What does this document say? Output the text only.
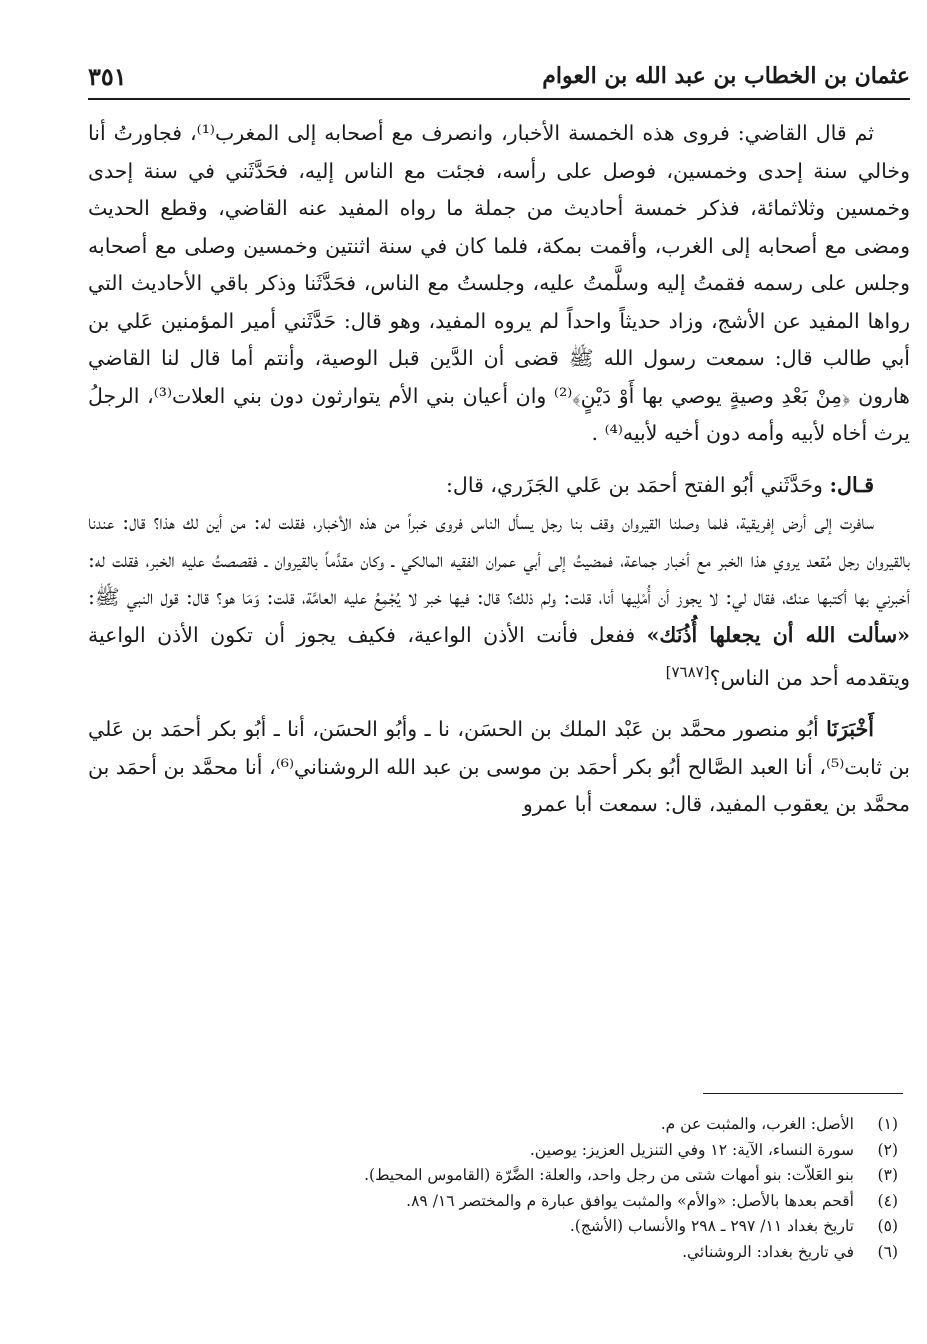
عثمان بن الخطاب بن عبد الله بن العوام
٣٥١

ثم قال القاضي: فروى هذه الخمسة الأخبار، وانصرف مع أصحابه إلى المغرب⁽¹⁾، فجاورتُ أنا وخالي سنة إحدى وخمسين، فوصل على رأسه، فجئت مع الناس إليه، فحَدَّثَني في سنة إحدى وخمسين وثلاثمائة، فذكر خمسة أحاديث من جملة ما رواه المفيد عنه القاضي، وقطع الحديث ومضى مع أصحابه إلى الغرب، وأقمت بمكة، فلما كان في سنة اثنتين وخمسين وصلى مع أصحابه وجلس على رسمه فقمتُ إليه وسلَّمتُ عليه، وجلستُ مع الناس، فحَدَّثَنا وذكر باقي الأحاديث التي رواها المفيد عن الأشج، وزاد حديثاً واحداً لم يروه المفيد، وهو قال: حَدَّثَني أمير المؤمنين عَلي بن أبي طالب قال: سمعت رسول الله ﷺ قضى أن الدَّين قبل الوصية، وأنتم أما قال لنا القاضي هارون ﴿مِنْ بَعْدِ وصيةٍ يوصي بها أَوْ دَيْنٍ﴾⁽²⁾ وان أعيان بني الأم يتوارثون دون بني العلات⁽³⁾، الرجلُ يرث أخاه لأبيه وأمه دون أخيه لأبيه⁽⁴⁾ .

قـال: وحَدَّثَني أبُو الفتح أحمَد بن عَلي الجَزَري، قال:

سافرت إلى أرض إفريقية، فلما وصلنا القيروان وقف بنا رجل يسأل الناس فروى خبراً من هذه الأخبار، فقلت له: من أين لك هذا؟ قال: عندنا بالقيروان رجل مُقعد يروي هذا الخبر مع أخبار جماعة، فمضيتُ إلى أبي عمران الفقيه المالكي ـ وكان مقدَّماً بالقيروان ـ فقصصتُ عليه الخبر، فقلت له: أخبرني بها أكتبها عنك، فقال لي: لا يجوز أن أُمْلِيها أنا، قلت: ولم ذلك؟ قال: فيها خبر لا يُجْمِعُ عليه العامَّة، قلت: وَمَا هو؟ قال: قول النبي ﷺ: «سألت الله أن يجعلها أُذُنَك» ففعل فأنت الأذن الواعية، فكيف يجوز أن تكون الأذن الواعية ويتقدمه أحد من الناس؟[٧٦٨٧]

أَخْبَرَنَا أبُو منصور محمَّد بن عَبْد الملك بن الحسَن، نا ـ وأبُو الحسَن، أنا ـ أبُو بكر أحمَد بن عَلي بن ثابت⁽⁵⁾، أنا العبد الصَّالح أبُو بكر أحمَد بن موسى بن عبد الله الروشناني⁽⁶⁾، أنا محمَّد بن أحمَد بن محمَّد بن يعقوب المفيد، قال: سمعت أبا عمرو

(١)
الأصل: الغرب، والمثبت عن م.
(٢)
سورة النساء، الآية: ١٢ وفي التنزيل العزيز: يوصين.
(٣)
بنو العَلاّت: بنو أمهات شتى من رجل واحد، والعلة: الضَّرّة (القاموس المحيط).
(٤)
أقحم بعدها بالأصل: «والأم» والمثبت يوافق عبارة م والمختصر ١٦/ ٨٩.
(٥)
تاريخ بغداد ١١/ ٢٩٧ ـ ٢٩٨ والأنساب (الأشج).
(٦)
في تاريخ بغداد: الروشنائي.
